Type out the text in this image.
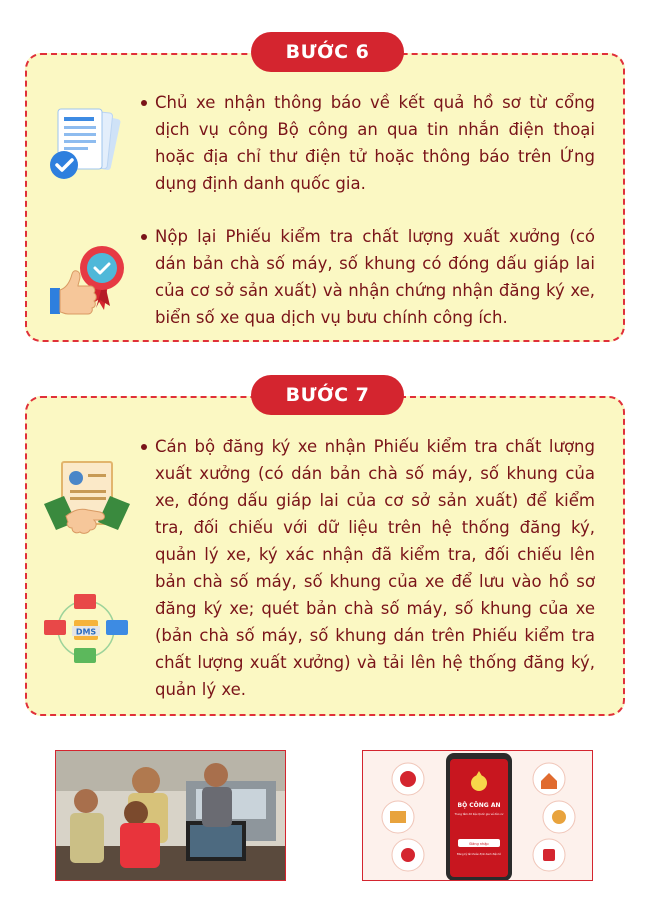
BƯỚC 6
Chủ xe nhận thông báo về kết quả hồ sơ từ cổng dịch vụ công Bộ công an qua tin nhắn điện thoại hoặc địa chỉ thư điện tử hoặc thông báo trên Ứng dụng định danh quốc gia.
Nộp lại Phiếu kiểm tra chất lượng xuất xưởng (có dán bản chà số máy, số khung có đóng dấu giáp lai của cơ sở sản xuất) và nhận chứng nhận đăng ký xe, biển số xe qua dịch vụ bưu chính công ích.
BƯỚC 7
DMS
Cán bộ đăng ký xe nhận Phiếu kiểm tra chất lượng xuất xưởng (có dán bản chà số máy, số khung của xe, đóng dấu giáp lai của cơ sở sản xuất) để kiểm tra, đối chiếu với dữ liệu trên hệ thống đăng ký, quản lý xe, ký xác nhận đã kiểm tra, đối chiếu lên bản chà số máy, số khung của xe để lưu vào hồ sơ đăng ký xe; quét bản chà số máy, số khung của xe (bản chà số máy, số khung dán trên Phiếu kiểm tra chất lượng xuất xưởng) và tải lên hệ thống đăng ký, quản lý xe.
BỘ CÔNG AN
Trung tâm dữ liệu Quốc gia về dân cư
Đăng nhập
Đăng ký tài khoản định danh điện tử
